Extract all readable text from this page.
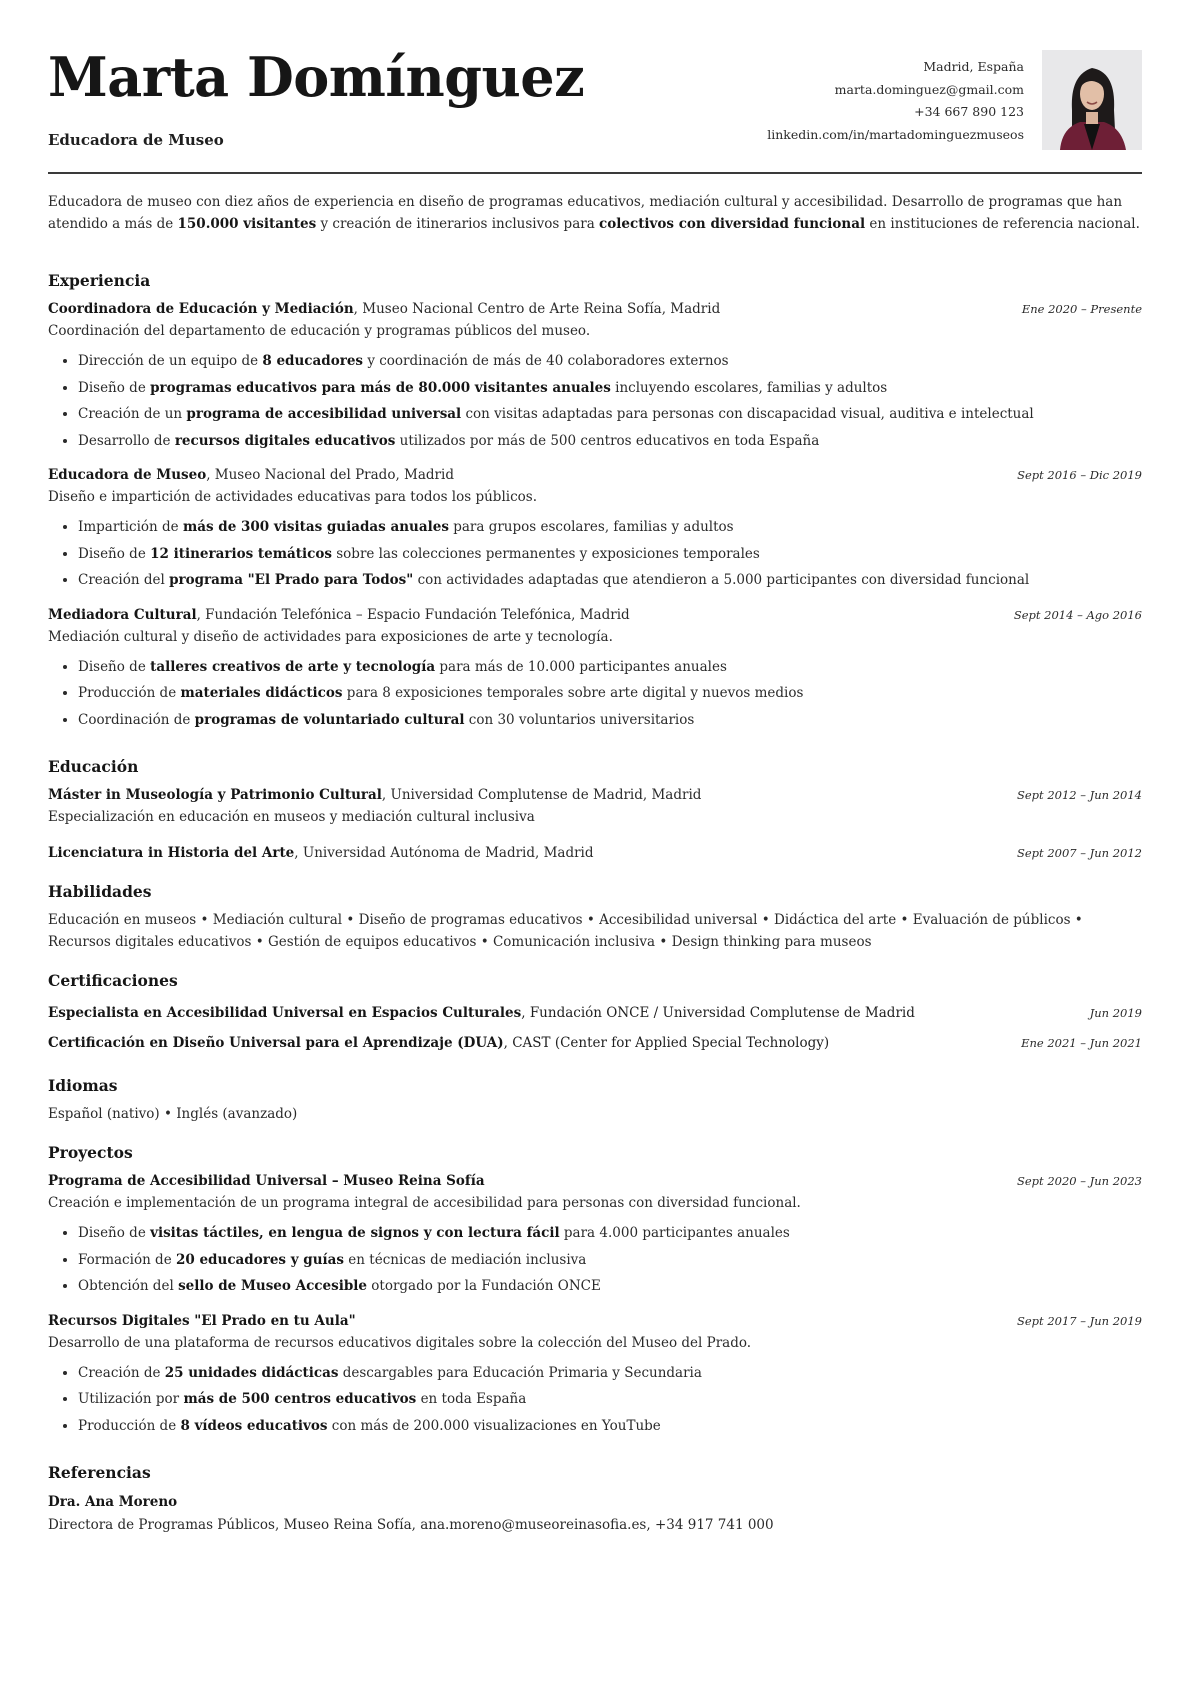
Marta Domínguez
Educadora de Museo
Madrid, España
marta.dominguez@gmail.com
+34 667 890 123
linkedin.com/in/martadominguezmuseos
Educadora de museo con diez años de experiencia en diseño de programas educativos, mediación cultural y accesibilidad. Desarrollo de programas que han atendido a más de 150.000 visitantes y creación de itinerarios inclusivos para colectivos con diversidad funcional en instituciones de referencia nacional.
Experiencia
Coordinadora de Educación y Mediación, Museo Nacional Centro de Arte Reina Sofía, Madrid	Ene 2020 – Presente
Coordinación del departamento de educación y programas públicos del museo.
• Dirección de un equipo de 8 educadores y coordinación de más de 40 colaboradores externos
• Diseño de programas educativos para más de 80.000 visitantes anuales incluyendo escolares, familias y adultos
• Creación de un programa de accesibilidad universal con visitas adaptadas para personas con discapacidad visual, auditiva e intelectual
• Desarrollo de recursos digitales educativos utilizados por más de 500 centros educativos en toda España
Educadora de Museo, Museo Nacional del Prado, Madrid	Sept 2016 – Dic 2019
Diseño e impartición de actividades educativas para todos los públicos.
• Impartición de más de 300 visitas guiadas anuales para grupos escolares, familias y adultos
• Diseño de 12 itinerarios temáticos sobre las colecciones permanentes y exposiciones temporales
• Creación del programa "El Prado para Todos" con actividades adaptadas que atendieron a 5.000 participantes con diversidad funcional
Mediadora Cultural, Fundación Telefónica – Espacio Fundación Telefónica, Madrid	Sept 2014 – Ago 2016
Mediación cultural y diseño de actividades para exposiciones de arte y tecnología.
• Diseño de talleres creativos de arte y tecnología para más de 10.000 participantes anuales
• Producción de materiales didácticos para 8 exposiciones temporales sobre arte digital y nuevos medios
• Coordinación de programas de voluntariado cultural con 30 voluntarios universitarios
Educación
Máster in Museología y Patrimonio Cultural, Universidad Complutense de Madrid, Madrid	Sept 2012 – Jun 2014
Especialización en educación en museos y mediación cultural inclusiva
Licenciatura in Historia del Arte, Universidad Autónoma de Madrid, Madrid	Sept 2007 – Jun 2012
Habilidades
Educación en museos • Mediación cultural • Diseño de programas educativos • Accesibilidad universal • Didáctica del arte • Evaluación de públicos • Recursos digitales educativos • Gestión de equipos educativos • Comunicación inclusiva • Design thinking para museos
Certificaciones
Especialista en Accesibilidad Universal en Espacios Culturales, Fundación ONCE / Universidad Complutense de Madrid	Jun 2019
Certificación en Diseño Universal para el Aprendizaje (DUA), CAST (Center for Applied Special Technology)	Ene 2021 – Jun 2021
Idiomas
Español (nativo) • Inglés (avanzado)
Proyectos
Programa de Accesibilidad Universal – Museo Reina Sofía	Sept 2020 – Jun 2023
Creación e implementación de un programa integral de accesibilidad para personas con diversidad funcional.
• Diseño de visitas táctiles, en lengua de signos y con lectura fácil para 4.000 participantes anuales
• Formación de 20 educadores y guías en técnicas de mediación inclusiva
• Obtención del sello de Museo Accesible otorgado por la Fundación ONCE
Recursos Digitales "El Prado en tu Aula"	Sept 2017 – Jun 2019
Desarrollo de una plataforma de recursos educativos digitales sobre la colección del Museo del Prado.
• Creación de 25 unidades didácticas descargables para Educación Primaria y Secundaria
• Utilización por más de 500 centros educativos en toda España
• Producción de 8 vídeos educativos con más de 200.000 visualizaciones en YouTube
Referencias
Dra. Ana Moreno
Directora de Programas Públicos, Museo Reina Sofía, ana.moreno@museoreinasofia.es, +34 917 741 000
